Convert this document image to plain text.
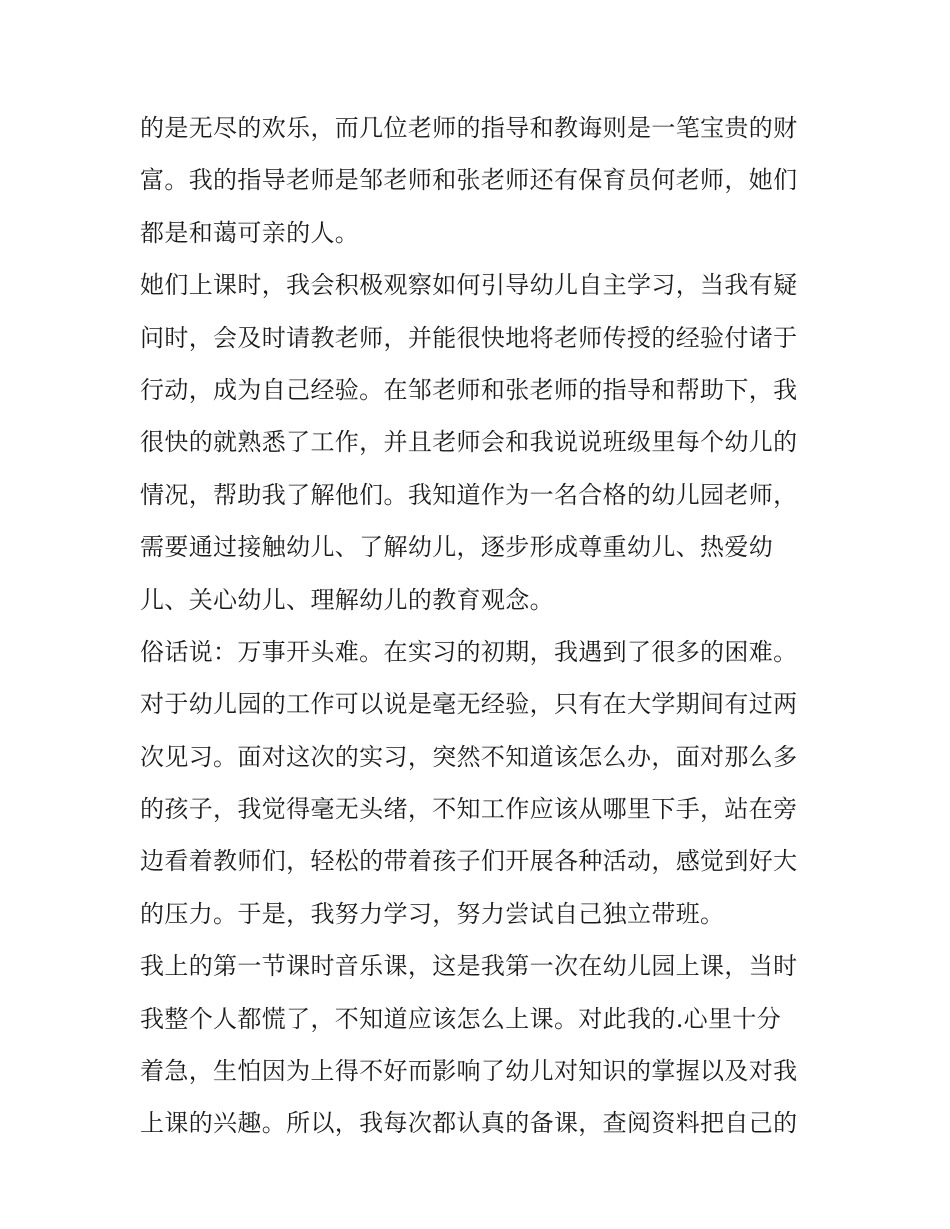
的是无尽的欢乐，而几位老师的指导和教诲则是一笔宝贵的财
富。我的指导老师是邹老师和张老师还有保育员何老师，她们
都是和蔼可亲的人。
她们上课时，我会积极观察如何引导幼儿自主学习，当我有疑
问时，会及时请教老师，并能很快地将老师传授的经验付诸于
行动，成为自己经验。在邹老师和张老师的指导和帮助下，我
很快的就熟悉了工作，并且老师会和我说说班级里每个幼儿的
情况，帮助我了解他们。我知道作为一名合格的幼儿园老师，
需要通过接触幼儿、了解幼儿，逐步形成尊重幼儿、热爱幼
儿、关心幼儿、理解幼儿的教育观念。
俗话说：万事开头难。在实习的初期，我遇到了很多的困难。
对于幼儿园的工作可以说是毫无经验，只有在大学期间有过两
次见习。面对这次的实习，突然不知道该怎么办，面对那么多
的孩子，我觉得毫无头绪，不知工作应该从哪里下手，站在旁
边看着教师们，轻松的带着孩子们开展各种活动，感觉到好大
的压力。于是，我努力学习，努力尝试自己独立带班。
我上的第一节课时音乐课，这是我第一次在幼儿园上课，当时
我整个人都慌了，不知道应该怎么上课。对此我的.心里十分
着急，生怕因为上得不好而影响了幼儿对知识的掌握以及对我
上课的兴趣。所以，我每次都认真的备课，查阅资料把自己的
